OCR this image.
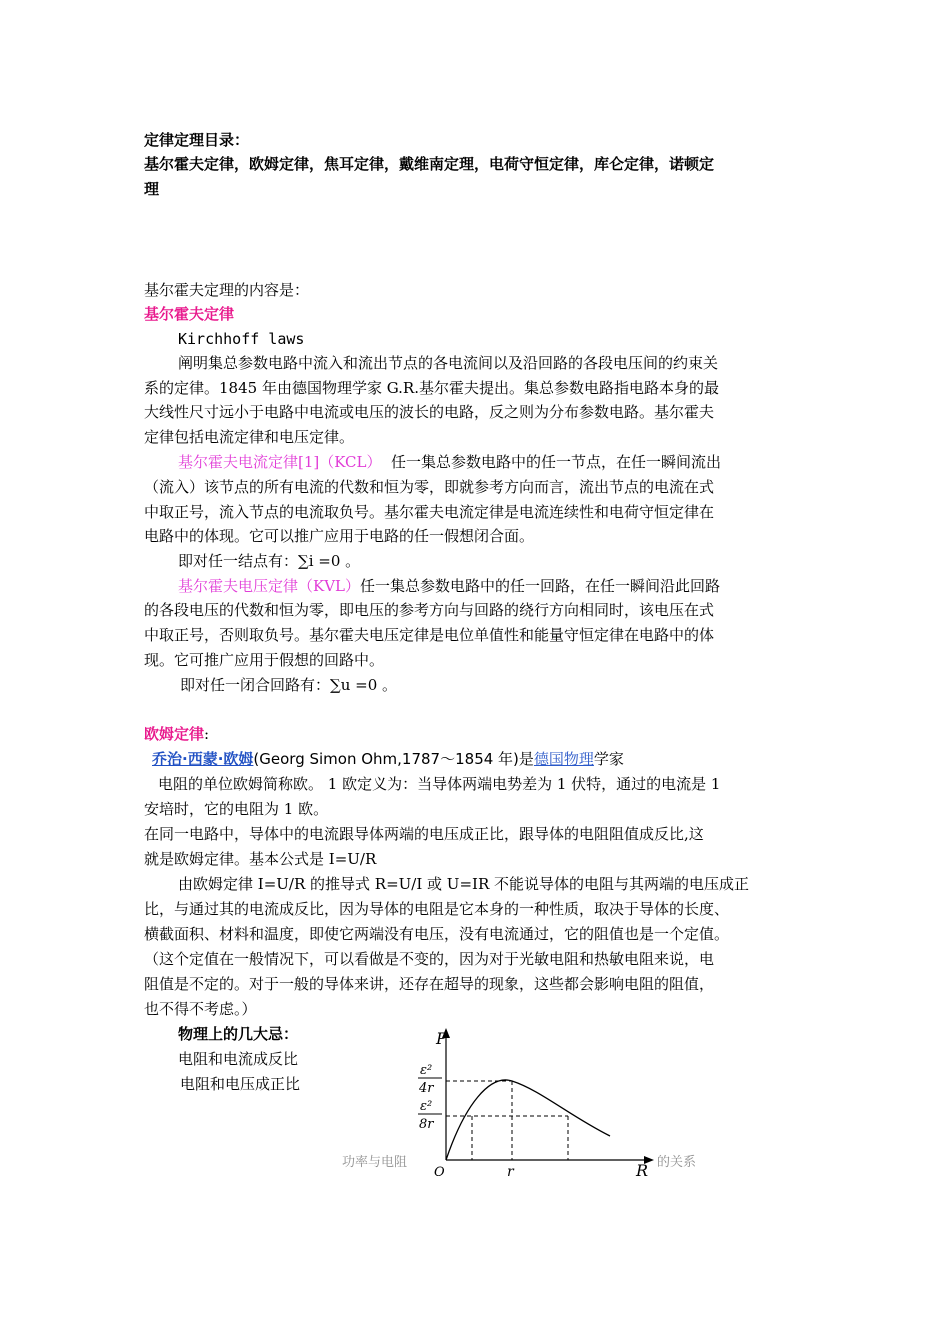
定律定理目录：
基尔霍夫定律，欧姆定律，焦耳定律，戴维南定理，电荷守恒定律，库仑定律，诺顿定
理
基尔霍夫定理的内容是：
基尔霍夫定律
Kirchhoff laws
阐明集总参数电路中流入和流出节点的各电流间以及沿回路的各段电压间的约束关
系的定律。1845 年由德国物理学家 G.R.基尔霍夫提出。集总参数电路指电路本身的最
大线性尺寸远小于电路中电流或电压的波长的电路，反之则为分布参数电路。基尔霍夫
定律包括电流定律和电压定律。
基尔霍夫电流定律[1]（KCL） 任一集总参数电路中的任一节点，在任一瞬间流出
（流入）该节点的所有电流的代数和恒为零，即就参考方向而言，流出节点的电流在式
中取正号，流入节点的电流取负号。基尔霍夫电流定律是电流连续性和电荷守恒定律在
电路中的体现。它可以推广应用于电路的任一假想闭合面。
即对任一结点有：∑i =0 。
基尔霍夫电压定律（KVL）任一集总参数电路中的任一回路，在任一瞬间沿此回路
的各段电压的代数和恒为零，即电压的参考方向与回路的绕行方向相同时，该电压在式
中取正号，否则取负号。基尔霍夫电压定律是电位单值性和能量守恒定律在电路中的体
现。它可推广应用于假想的回路中。
即对任一闭合回路有：∑u =0 。
欧姆定律:
乔治·西蒙·欧姆(Georg Simon Ohm,1787～1854 年)是德国物理学家
电阻的单位欧姆简称欧。 1 欧定义为：当导体两端电势差为 1 伏特，通过的电流是 1
安培时，它的电阻为 1 欧。
在同一电路中，导体中的电流跟导体两端的电压成正比，跟导体的电阻阻值成反比,这
就是欧姆定律。基本公式是 I=U/R
由欧姆定律 I=U/R 的推导式 R=U/I 或 U=IR 不能说导体的电阻与其两端的电压成正
比，与通过其的电流成反比，因为导体的电阻是它本身的一种性质，取决于导体的长度、
横截面积、材料和温度，即使它两端没有电压，没有电流通过，它的阻值也是一个定值。
（这个定值在一般情况下，可以看做是不变的，因为对于光敏电阻和热敏电阻来说，电
阻值是不定的。对于一般的导体来讲，还存在超导的现象，这些都会影响电阻的阻值，
也不得不考虑。）
物理上的几大忌：
电阻和电流成反比
电阻和电压成正比
P
R
O	r
ε²
4r
ε²
8r
功率与电阻	的关系
